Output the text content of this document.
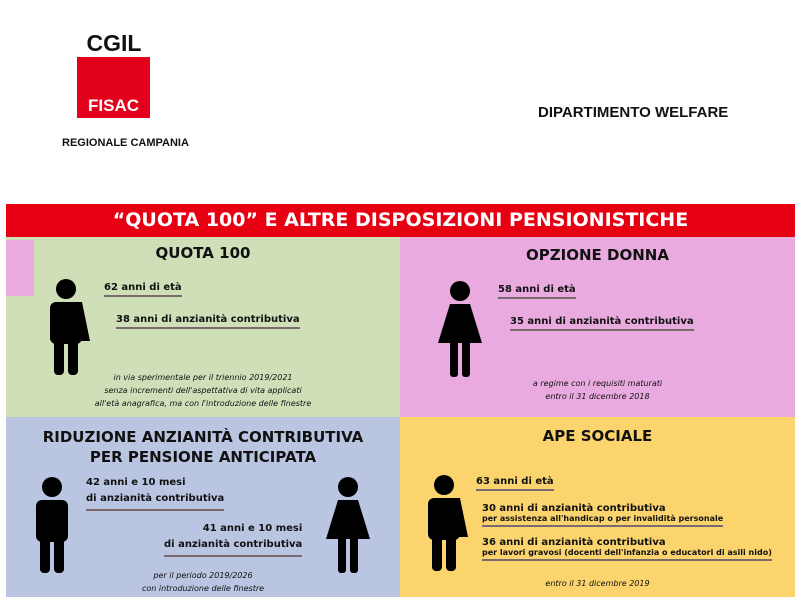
CGIL
FISAC
REGIONALE CAMPANIA
DIPARTIMENTO WELFARE
“QUOTA 100” E ALTRE DISPOSIZIONI PENSIONISTICHE
QUOTA 100
62 anni di età
38 anni di anzianità contributiva
in via sperimentale per il triennio 2019/2021
senza incrementi dell'aspettativa di vita applicati
all'età anagrafica, ma con l'introduzione delle finestre
OPZIONE DONNA
58 anni di età
35 anni di anzianità contributiva
a regime con i requisiti maturati
entro il 31 dicembre 2018
RIDUZIONE ANZIANITÀ CONTRIBUTIVA
PER PENSIONE ANTICIPATA
42 anni e 10 mesi
di anzianità contributiva
41 anni e 10 mesi
di anzianità contributiva
per il periodo 2019/2026
con introduzione delle finestre
APE SOCIALE
63 anni di età
30 anni di anzianità contributiva
per assistenza all'handicap o per invalidità personale
36 anni di anzianità contributiva
per lavori gravosi (docenti dell'infanzia o educatori di asili nido)
entro il 31 dicembre 2019
